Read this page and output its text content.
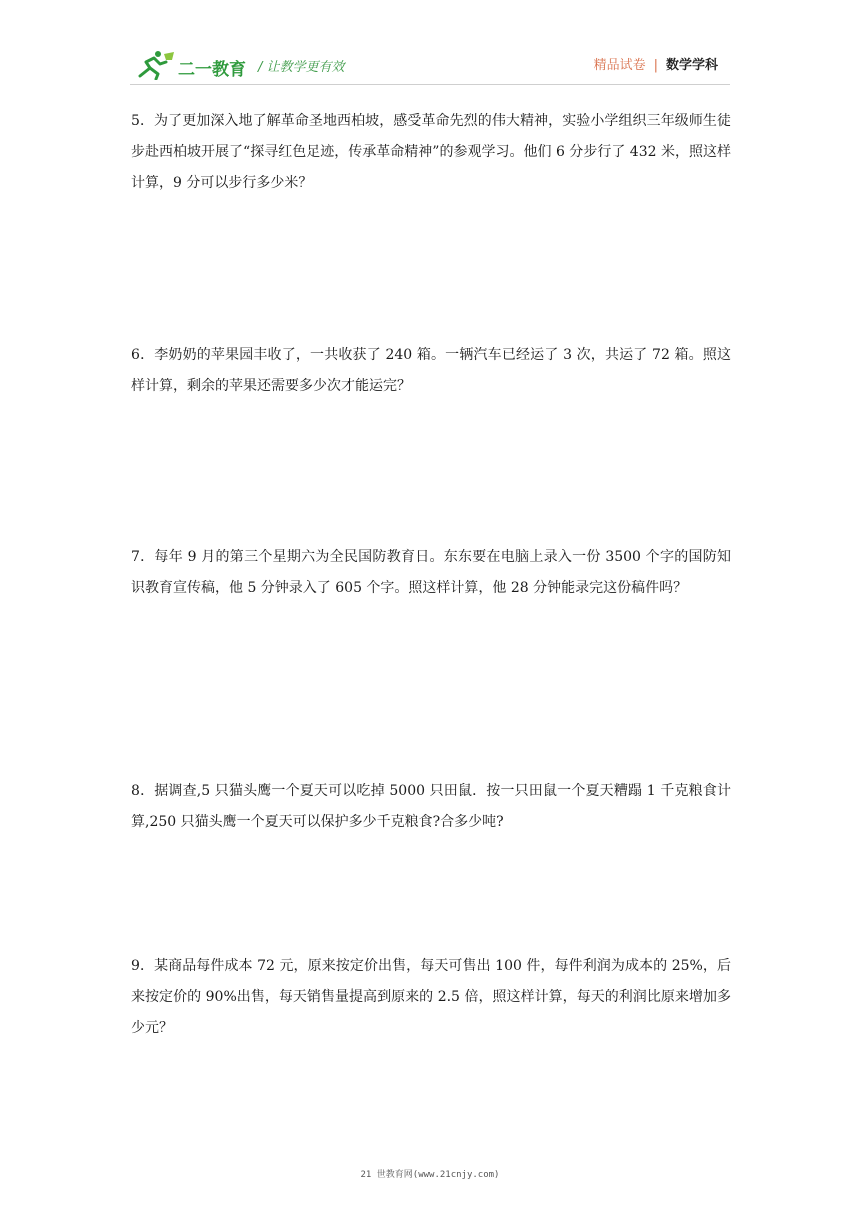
二一教育 / 让教学更有效	精品试卷 | 数学学科
5．为了更加深入地了解革命圣地西柏坡，感受革命先烈的伟大精神，实验小学组织三年级师生徒步赴西柏坡开展了“探寻红色足迹，传承革命精神”的参观学习。他们 6 分步行了 432 米，照这样计算，9 分可以步行多少米？
6．李奶奶的苹果园丰收了，一共收获了 240 箱。一辆汽车已经运了 3 次，共运了 72 箱。照这样计算，剩余的苹果还需要多少次才能运完？
7．每年 9 月的第三个星期六为全民国防教育日。东东要在电脑上录入一份 3500 个字的国防知识教育宣传稿，他 5 分钟录入了 605 个字。照这样计算，他 28 分钟能录完这份稿件吗？
8．据调查,5 只猫头鹰一个夏天可以吃掉 5000 只田鼠．按一只田鼠一个夏天糟蹋 1 千克粮食计算,250 只猫头鹰一个夏天可以保护多少千克粮食?合多少吨?
9．某商品每件成本 72 元，原来按定价出售，每天可售出 100 件，每件利润为成本的 25%，后来按定价的 90%出售，每天销售量提高到原来的 2.5 倍，照这样计算，每天的利润比原来增加多少元？
21 世教育网(www.21cnjy.com)
